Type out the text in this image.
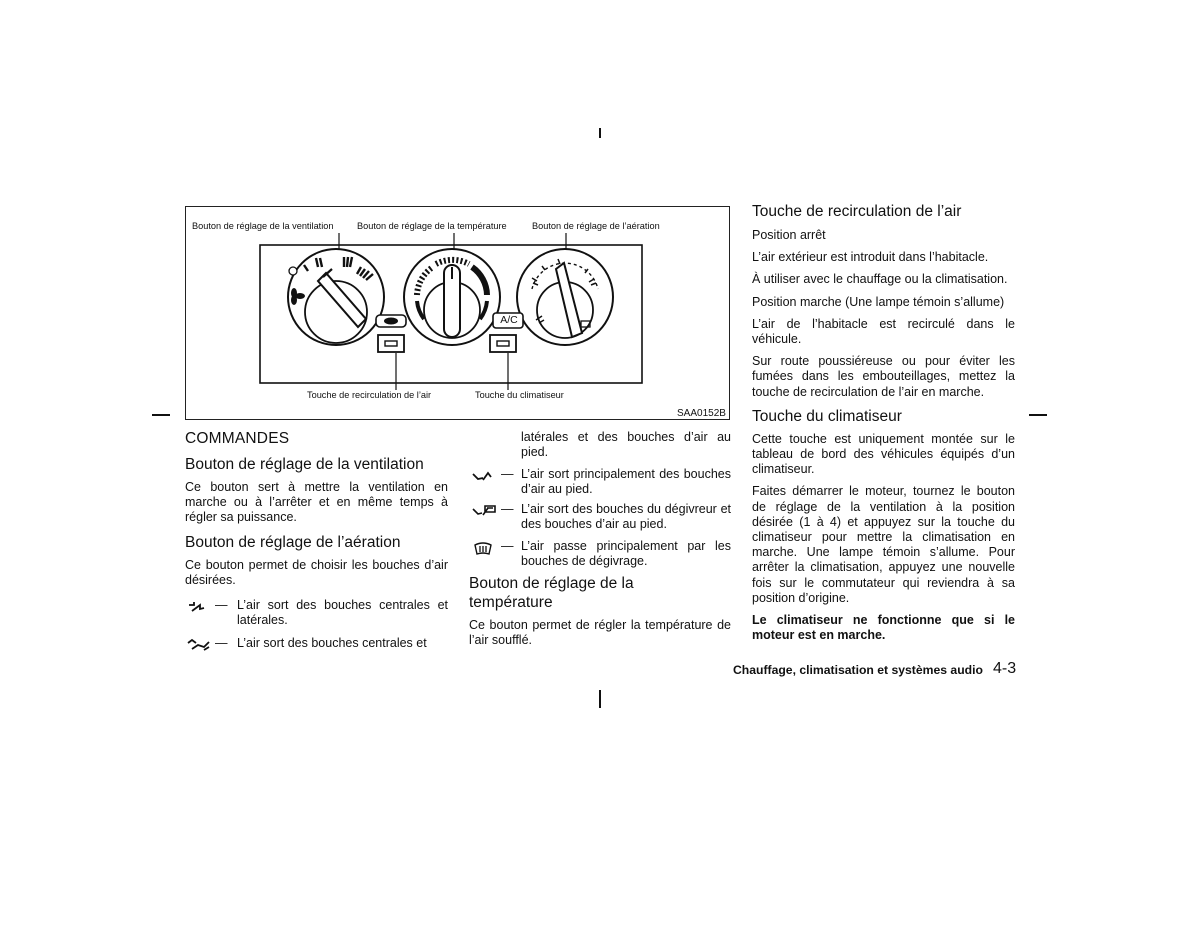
A/C
Bouton de réglage de la ventilation	Bouton de réglage de la température	Bouton de réglage de l’aération
Touche de recirculation de l’air	Touche du climatiseur
SAA0152B

COMMANDES

Bouton de réglage de la ventilation

Ce bouton sert à mettre la ventilation en marche ou à l’arrêter et en même temps à régler sa puissance.

Bouton de réglage de l’aération

Ce bouton permet de choisir les bouches d’air désirées.

— L’air sort des bouches centrales et latérales.
— L’air sort des bouches centrales et
latérales et des bouches d’air au pied.
— L’air sort principalement des bouches d’air au pied.
— L’air sort des bouches du dégivreur et des bouches d’air au pied.
— L’air passe principalement par les bouches de dégivrage.

Bouton de réglage de la température

Ce bouton permet de régler la température de l’air soufflé.

Touche de recirculation de l’air

Position arrêt

L’air extérieur est introduit dans l’habitacle.

À utiliser avec le chauffage ou la climatisation.

Position marche (Une lampe témoin s’allume)

L’air de l’habitacle est recirculé dans le véhicule.

Sur route poussiéreuse ou pour éviter les fumées dans les embouteillages, mettez la touche de recirculation de l’air en marche.

Touche du climatiseur

Cette touche est uniquement montée sur le tableau de bord des véhicules équipés d’un climatiseur.

Faites démarrer le moteur, tournez le bouton de réglage de la ventilation à la position désirée (1 à 4) et appuyez sur la touche du climatiseur pour mettre la climatisation en marche. Une lampe témoin s’allume. Pour arrêter la climatisation, appuyez une nouvelle fois sur le commutateur qui reviendra à sa position d’origine.

Le climatiseur ne fonctionne que si le moteur est en marche.

Chauffage, climatisation et systèmes audio 4-3
